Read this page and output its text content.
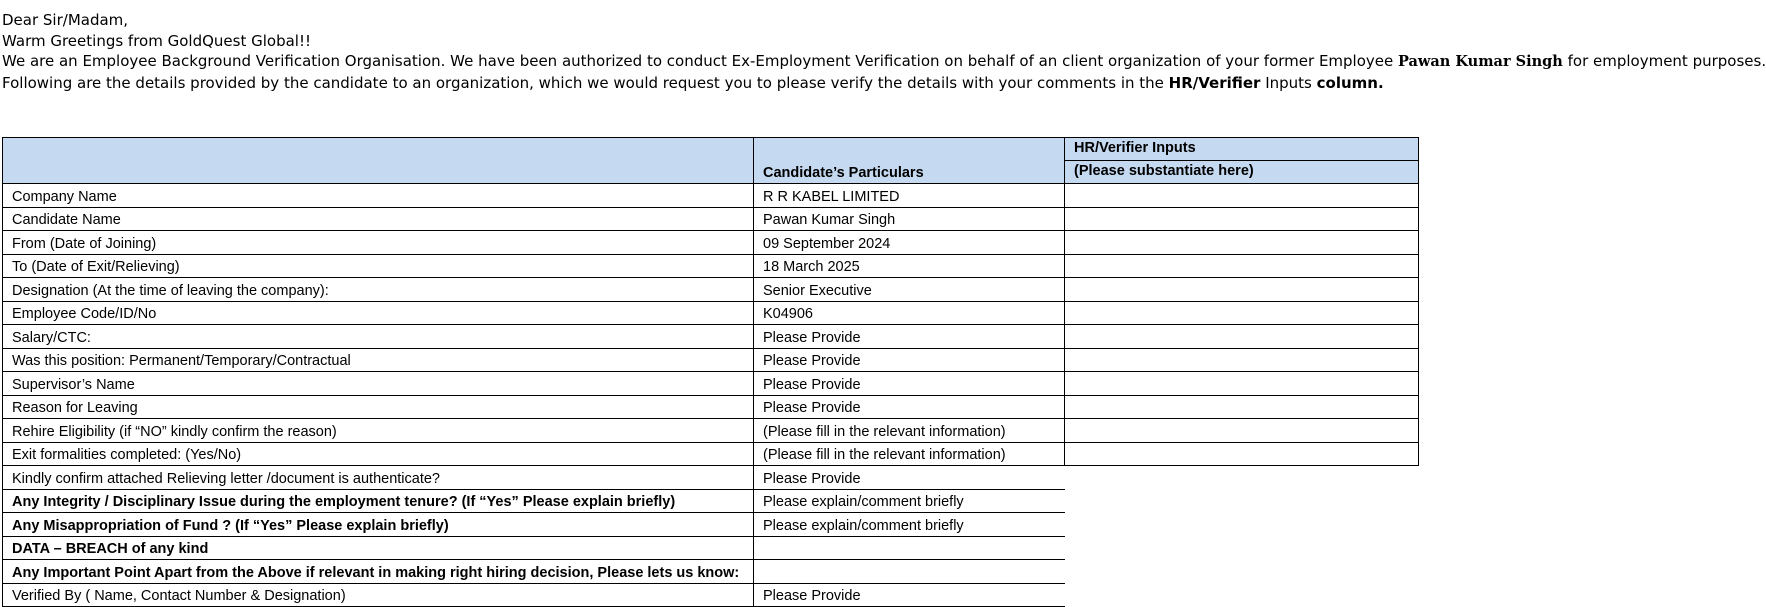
Dear Sir/Madam,
Warm Greetings from GoldQuest Global!!
We are an Employee Background Verification Organisation. We have been authorized to conduct Ex-Employment Verification on behalf of an client organization of your former Employee Pawan Kumar Singh for employment purposes.
Following are the details provided by the candidate to an organization, which we would request you to please verify the details with your comments in the HR/Verifier Inputs column.
	Candidate’s Particulars	HR/Verifier Inputs
(Please substantiate here)

Company Name	R R KABEL LIMITED	
Candidate Name	Pawan Kumar Singh	
From (Date of Joining)	09 September 2024	
To (Date of Exit/Relieving)	18 March 2025	
Designation (At the time of leaving the company):	Senior Executive	
Employee Code/ID/No	K04906	
Salary/CTC:	Please Provide	
Was this position: Permanent/Temporary/Contractual	Please Provide	
Supervisor’s Name	Please Provide	
Reason for Leaving	Please Provide	
Rehire Eligibility (if “NO” kindly confirm the reason)	(Please fill in the relevant information)	
Exit formalities completed: (Yes/No)	(Please fill in the relevant information)	
Kindly confirm attached Relieving letter /document is authenticate?	Please Provide	
Any Integrity / Disciplinary Issue during the employment tenure? (If “Yes” Please explain briefly)	Please explain/comment briefly	
Any Misappropriation of Fund ? (If “Yes” Please explain briefly)	Please explain/comment briefly	
DATA – BREACH of any kind		
Any Important Point Apart from the Above if relevant in making right hiring decision, Please lets us know:		
Verified By ( Name, Contact Number & Designation)	Please Provide	
